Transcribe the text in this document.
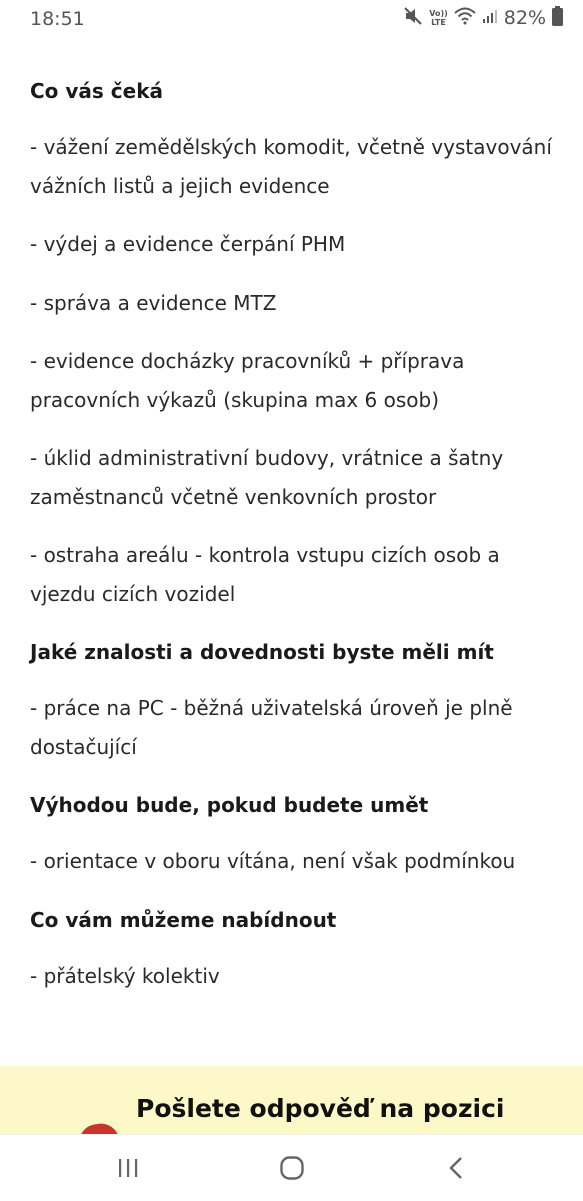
18:51	Vo))
LTE	82%
Co vás čeká

- vážení zemědělských komodit, včetně vystavování vážních listů a jejich evidence

- výdej a evidence čerpání PHM

- správa a evidence MTZ

- evidence docházky pracovníků + příprava pracovních výkazů (skupina max 6 osob)

- úklid administrativní budovy, vrátnice a šatny zaměstnanců včetně venkovních prostor

- ostraha areálu - kontrola vstupu cizích osob a vjezdu cizích vozidel

Jaké znalosti a dovednosti byste měli mít

- práce na PC - běžná uživatelská úroveň je plně dostačující

Výhodou bude, pokud budete umět

- orientace v oboru vítána, není však podmínkou

Co vám můžeme nabídnout

- přátelský kolektiv

Pošlete odpověď na pozici
